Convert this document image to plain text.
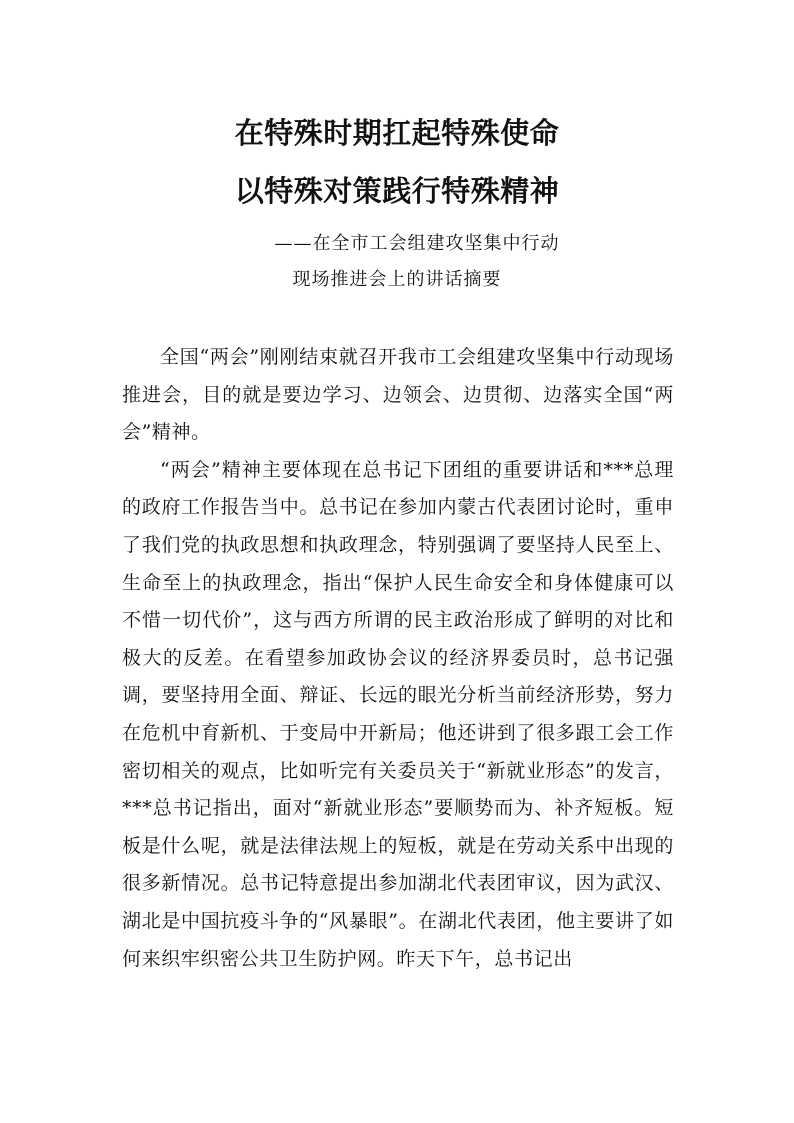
在特殊时期扛起特殊使命

以特殊对策践行特殊精神

——在全市工会组建攻坚集中行动

现场推进会上的讲话摘要

全国“两会”刚刚结束就召开我市工会组建攻坚集中行动现场推进会，目的就是要边学习、边领会、边贯彻、边落实全国“两会”精神。

“两会”精神主要体现在总书记下团组的重要讲话和***总理的政府工作报告当中。总书记在参加内蒙古代表团讨论时，重申了我们党的执政思想和执政理念，特别强调了要坚持人民至上、生命至上的执政理念，指出“保护人民生命安全和身体健康可以不惜一切代价”，这与西方所谓的民主政治形成了鲜明的对比和极大的反差。在看望参加政协会议的经济界委员时，总书记强调，要坚持用全面、辩证、长远的眼光分析当前经济形势，努力在危机中育新机、于变局中开新局；他还讲到了很多跟工会工作密切相关的观点，比如听完有关委员关于“新就业形态”的发言，***总书记指出，面对“新就业形态”要顺势而为、补齐短板。短板是什么呢，就是法律法规上的短板，就是在劳动关系中出现的很多新情况。总书记特意提出参加湖北代表团审议，因为武汉、湖北是中国抗疫斗争的“风暴眼”。在湖北代表团，他主要讲了如何来织牢织密公共卫生防护网。昨天下午，总书记出
